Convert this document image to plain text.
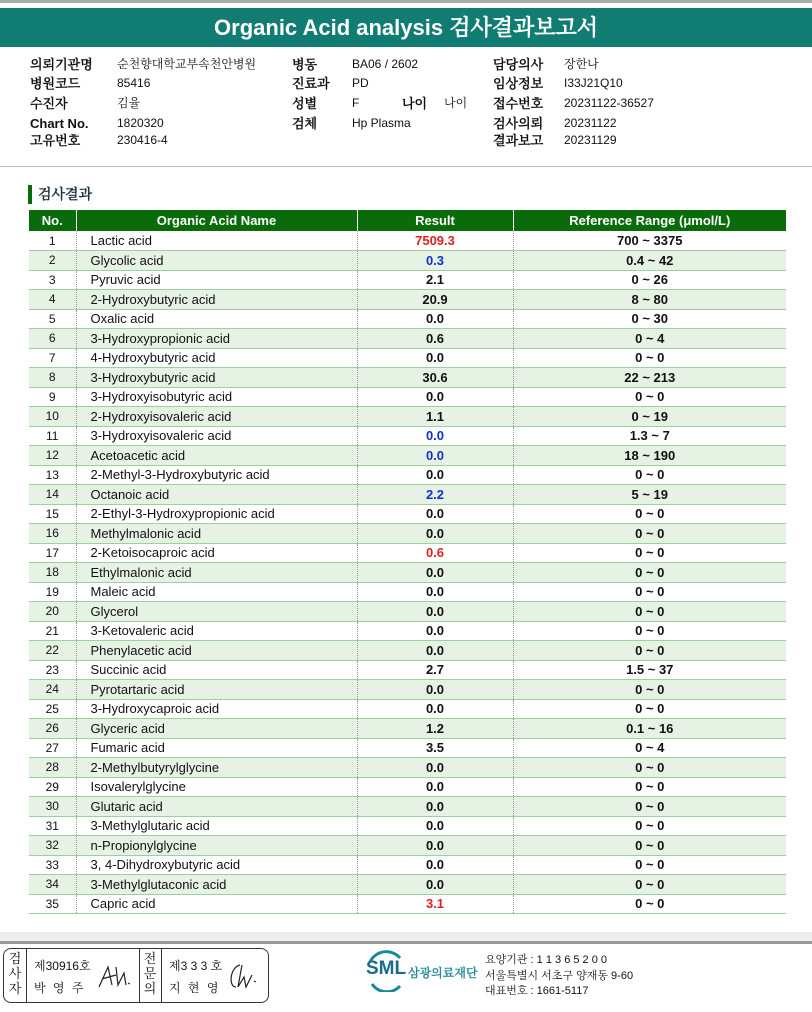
Organic Acid analysis 검사결과보고서
의뢰기관명 순천향대학교부속천안병원
병원코드	85416
수진자	김율
Chart No. 1820320
고유번호	230416-4
병동	BA06 / 2602
진료과 PD
성별	F
검체	Hp Plasma
담당의사 장한나
임상정보 I33J21Q10
접수번호 20231122-36527
검사의뢰 20231122
결과보고 20231129
나이 나이
검사결과
No.	Organic Acid Name	Result	Reference Range (μmol/L)
1	Lactic acid	7509.3	700 ~ 3375
2	Glycolic acid	0.3	0.4 ~ 42
3	Pyruvic acid	2.1	0 ~ 26
4	2-Hydroxybutyric acid	20.9	8 ~ 80
5	Oxalic acid	0.0	0 ~ 30
6	3-Hydroxypropionic acid	0.6	0 ~ 4
7	4-Hydroxybutyric acid	0.0	0 ~ 0
8	3-Hydroxybutyric acid	30.6	22 ~ 213
9	3-Hydroxyisobutyric acid	0.0	0 ~ 0
10	2-Hydroxyisovaleric acid	1.1	0 ~ 19
11	3-Hydroxyisovaleric acid	0.0	1.3 ~ 7
12	Acetoacetic acid	0.0	18 ~ 190
13	2-Methyl-3-Hydroxybutyric acid	0.0	0 ~ 0
14	Octanoic acid	2.2	5 ~ 19
15	2-Ethyl-3-Hydroxypropionic acid	0.0	0 ~ 0
16	Methylmalonic acid	0.0	0 ~ 0
17	2-Ketoisocaproic acid	0.6	0 ~ 0
18	Ethylmalonic acid	0.0	0 ~ 0
19	Maleic acid	0.0	0 ~ 0
20	Glycerol	0.0	0 ~ 0
21	3-Ketovaleric acid	0.0	0 ~ 0
22	Phenylacetic acid	0.0	0 ~ 0
23	Succinic acid	2.7	1.5 ~ 37
24	Pyrotartaric acid	0.0	0 ~ 0
25	3-Hydroxycaproic acid	0.0	0 ~ 0
26	Glyceric acid	1.2	0.1 ~ 16
27	Fumaric acid	3.5	0 ~ 4
28	2-Methylbutyrylglycine	0.0	0 ~ 0
29	Isovalerylglycine	0.0	0 ~ 0
30	Glutaric acid	0.0	0 ~ 0
31	3-Methylglutaric acid	0.0	0 ~ 0
32	n-Propionylglycine	0.0	0 ~ 0
33	3, 4-Dihydroxybutyric acid	0.0	0 ~ 0
34	3-Methylglutaconic acid	0.0	0 ~ 0
35	Capric acid	3.1	0 ~ 0
검사자
제30916호
박 영 주
전문의
제3 3 3 호
지 현 영
SML 삼광의료재단
요양기관 : 1 1 3 6 5 2 0 0
서울특별시 서초구 양재동 9-60
대표번호 : 1661-5117
